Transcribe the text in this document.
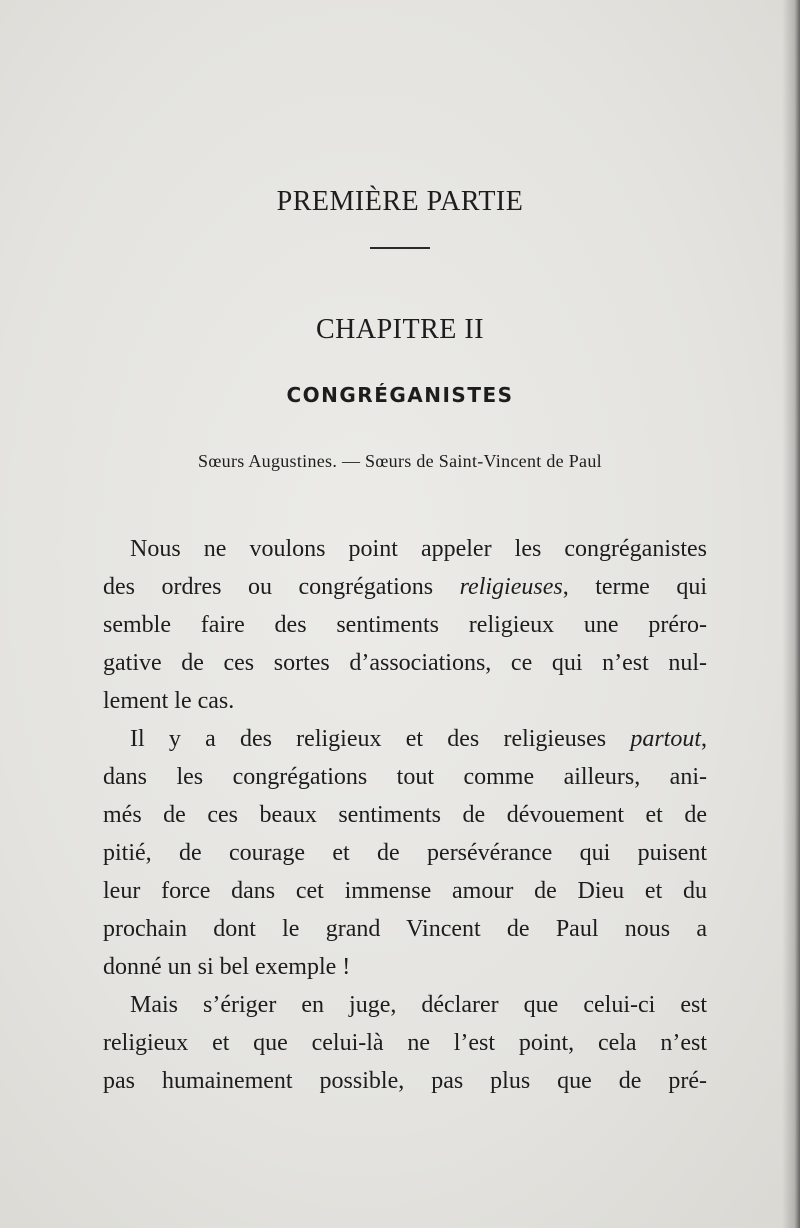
PREMIÈRE PARTIE
CHAPITRE II
CONGRÉGANISTES
Sœurs Augustines. — Sœurs de Saint-Vincent de Paul
Nous ne voulons point appeler les congréganistes
des ordres ou congrégations religieuses, terme qui
semble faire des sentiments religieux une préro-
gative de ces sortes d’associations, ce qui n’est nul-
lement le cas.
Il y a des religieux et des religieuses partout,
dans les congrégations tout comme ailleurs, ani-
més de ces beaux sentiments de dévouement et de
pitié, de courage et de persévérance qui puisent
leur force dans cet immense amour de Dieu et du
prochain dont le grand Vincent de Paul nous a
donné un si bel exemple !
Mais s’ériger en juge, déclarer que celui-ci est
religieux et que celui-là ne l’est point, cela n’est
pas humainement possible, pas plus que de pré-
